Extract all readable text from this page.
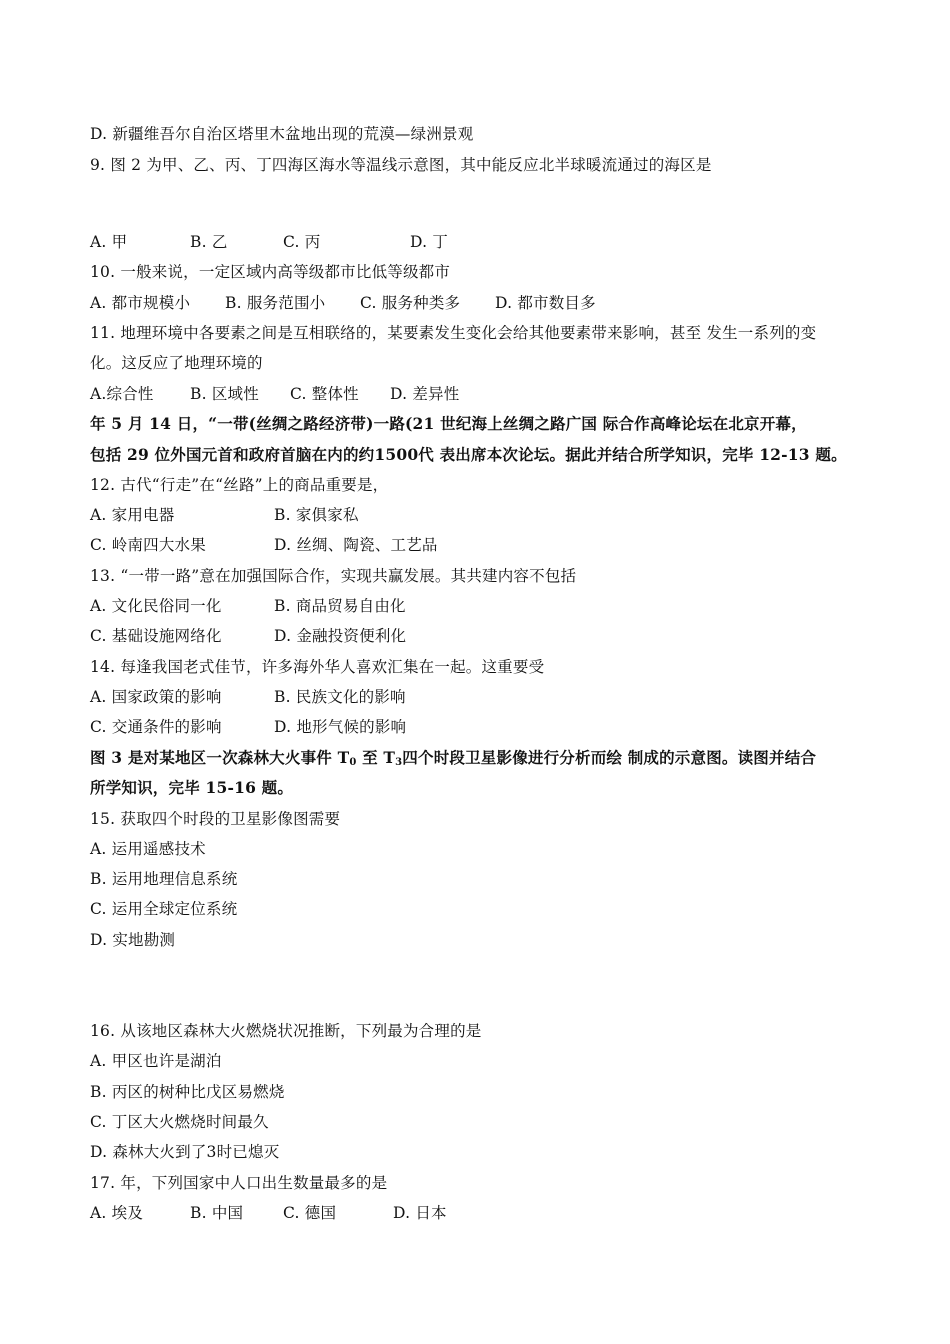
D. 新疆维吾尔自治区塔里木盆地出现的荒漠—绿洲景观
9. 图 2 为甲、乙、丙、丁四海区海水等温线示意图，其中能反应北半球暖流通过的海区是
A. 甲	B. 乙	C. 丙	D. 丁
10. 一般来说，一定区域内高等级都市比低等级都市
A. 都市规模小 B. 服务范围小 C. 服务种类多 D. 都市数目多
11. 地理环境中各要素之间是互相联络的，某要素发生变化会给其他要素带来影响，甚至 发生一系列的变
化。这反应了地理环境的
A.综合性 B. 区域性 C. 整体性 D. 差异性
年 5 月 14 日，“一带(丝绸之路经济带)一路(21 世纪海上丝绸之路广国 际合作高峰论坛在北京开幕，
包括 29 位外国元首和政府首脑在内的约1500代 表出席本次论坛。据此并结合所学知识，完毕 12-13 题。
12. 古代“行走”在“丝路”上的商品重要是，
A. 家用电器	B. 家俱家私
C. 岭南四大水果	D. 丝绸、陶瓷、工艺品
13. “一带一路”意在加强国际合作，实现共赢发展。其共建内容不包括
A. 文化民俗同一化	B. 商品贸易自由化
C. 基础设施网络化	D. 金融投资便利化
14. 每逢我国老式佳节，许多海外华人喜欢汇集在一起。这重要受
A. 国家政策的影响	B. 民族文化的影响
C. 交通条件的影响	D. 地形气候的影响
图 3 是对某地区一次森林大火事件 $T_0$ 至 $T_3$四个时段卫星影像进行分析而绘 制成的示意图。读图并结合
所学知识，完毕 15-16 题。
15. 获取四个时段的卫星影像图需要
A. 运用遥感技术
B. 运用地理信息系统
C. 运用全球定位系统
D. 实地勘测
16. 从该地区森林大火燃烧状况推断，下列最为合理的是
A. 甲区也许是湖泊
B. 丙区的树种比戊区易燃烧
C. 丁区大火燃烧时间最久
D. 森林大火到了3时已熄灭
17. 年，下列国家中人口出生数量最多的是
A. 埃及	B. 中国	C. 德国	D. 日本
